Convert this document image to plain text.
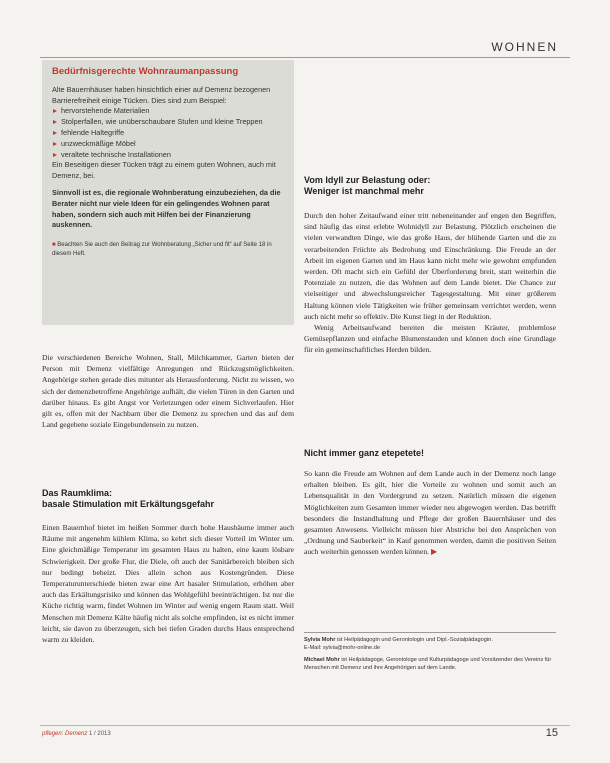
WOHNEN
Bedürfnisgerechte Wohnraumanpassung

Alte Bauernhäuser haben hinsichtlich einer auf Demenz bezogenen Barrierefreiheit einige Tücken. Dies sind zum Beispiel:

hervorstehende Materialien
Stolperfallen, wie unüberschaubare Stufen und kleine Treppen
fehlende Haltegriffe
unzweckmäßige Möbel
veraltete technische Installationen

Ein Beseitigen dieser Tücken trägt zu einem guten Wohnen, auch mit Demenz, bei.

Sinnvoll ist es, die regionale Wohnberatung einzubeziehen, da die Berater nicht nur viele Ideen für ein gelingendes Wohnen parat haben, sondern sich auch mit Hilfen bei der Finanzierung auskennen.

■ Beachten Sie auch den Beitrag zur Wohnberatung „Sicher und fit“ auf Seite 18 in diesem Heft.

Die verschiedenen Bereiche Wohnen, Stall, Milchkammer, Garten bieten der Person mit Demenz vielfältige Anregungen und Rückzugsmöglichkeiten. Angehörige stehen gerade dies mitunter als Herausforderung. Nicht zu wissen, wo sich der demenzbetroffene Angehörige aufhält, die vielen Türen in den Garten und darüber hinaus. Es gibt Angst vor Verletzungen oder einem Sichverlaufen. Hier gilt es, offen mit der Nachbarn über die Demenz zu sprechen und das auf dem Land gegebene soziale Eingebundensein zu nutzen.

Das Raumklima:

basale Stimulation mit Erkältungsgefahr

Einen Bauernhof bietet im heißen Sommer durch hohe Hausbäume immer auch Räume mit angenehm kühlem Klima, so kehrt sich dieser Vorteil im Winter um. Eine gleichmäßige Temperatur im gesamten Haus zu halten, eine kaum lösbare Schwierigkeit. Der große Flur, die Diele, oft auch der Sanitärbereich bleiben sich nur bedingt beheizt. Dies allein schon aus Kostengründen. Diese Temperaturunterschiede bieten zwar eine Art basaler Stimulation, erhöhen aber auch das Erkältungsrisiko und können das Wohlgefühl beeinträchtigen. Ist nur die Küche richtig warm, findet Wohnen im Winter auf wenig engem Raum statt. Weil Menschen mit Demenz Kälte häufig nicht als solche empfinden, ist es nicht immer leicht, sie davon zu überzeugen, sich bei tiefen Graden durchs Haus entsprechend warm zu kleiden.

Vom Idyll zur Belastung oder:

Weniger ist manchmal mehr

Durch den hoher Zeitaufwand einer tritt nebeneinander auf engen den Begriffen, sind häufig das einst erlebte Wohnidyll zur Belastung. Plötzlich erscheinen die vielen verwandten Dinge, wie das große Haus, der blühende Garten und die zu verarbeitenden Früchte als Bedrohung und Einschränkung. Die Freude an der Arbeit im eigenen Garten und im Haus kann nicht mehr wie gewohnt empfunden werden. Oft macht sich ein Gefühl der Überforderung breit, statt weiterhin die Potenziale zu nutzen, die das Wohnen auf dem Lande bietet. Die Chance zur vielseitiger und abwechslungsreicher Tagesgestaltung. Mit einer größerem Haltung können viele Tätigkeiten wie früher gemeinsam verrichtet werden, wenn auch nicht mehr so effektiv. Die Kunst liegt in der Reduktion.

Wenig Arbeitsaufwand bereiten die meisten Kräuter, problemlose Gemüsepflanzen und einfache Blumenstauden und können doch eine Grundlage für ein gemeinschaftliches Herden bilden.

Nicht immer ganz etepetete!

So kann die Freude am Wohnen auf dem Lande auch in der Demenz noch lange erhalten bleiben. Es gilt, hier die Vorteile zu wohnen und somit auch an Lebensqualität in den Vordergrund zu setzen. Natürlich müssen die eigenen Möglichkeiten zum Gesamten immer wieder neu abgewogen werden. Das betrifft besonders die Instandhaltung und Pflege der großen Bauernhäuser und des gesamten Anwesens. Vielleicht müssen hier Abstriche bei den Ansprüchen von „Ordnung und Sauberkeit“ in Kauf genommen werden, damit die positiven Seiten auch weiterhin genossen werden können. ▶

Sylvia Mohr ist Heilpädagogin und Gerontologin und Dipl.-Sozialpädagogin.

E-Mail: sylvia@mohr-online.de

Michael Mohr ist Heilpädagoge, Gerontologe und Kulturpädagoge und Vorsitzender des Vereins für Menschen mit Demenz und ihre Angehörigen auf dem Lande.

pflegen: Demenz 1 / 2013	15
